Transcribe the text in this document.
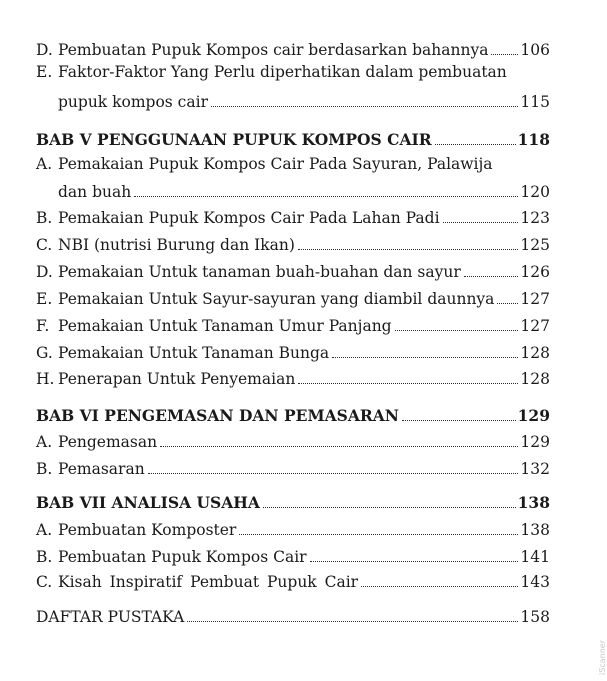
D. Pembuatan Pupuk Kompos cair berdasarkan bahannya 106
E. Faktor-Faktor Yang Perlu diperhatikan dalam pembuatan
pupuk kompos cair	115
BAB V PENGGUNAAN PUPUK KOMPOS CAIR	118
A. Pemakaian Pupuk Kompos Cair Pada Sayuran, Palawija
dan buah	120
B. Pemakaian Pupuk Kompos Cair Pada Lahan Padi	123
C. NBI (nutrisi Burung dan Ikan)	125
D. Pemakaian Untuk tanaman buah-buahan dan sayur	126
E. Pemakaian Untuk Sayur-sayuran yang diambil daunnya 127
F. Pemakaian Untuk Tanaman Umur Panjang	127
G. Pemakaian Untuk Tanaman Bunga	128
H. Penerapan Untuk Penyemaian	128
BAB VI PENGEMASAN DAN PEMASARAN	129
A. Pengemasan	129
B. Pemasaran	132
BAB VII ANALISA USAHA	138
A. Pembuatan Komposter	138
B. Pembuatan Pupuk Kompos Cair	141
C. Kisah Inspiratif Pembuat Pupuk Cair	143
DAFTAR PUSTAKA	158
iScanner
